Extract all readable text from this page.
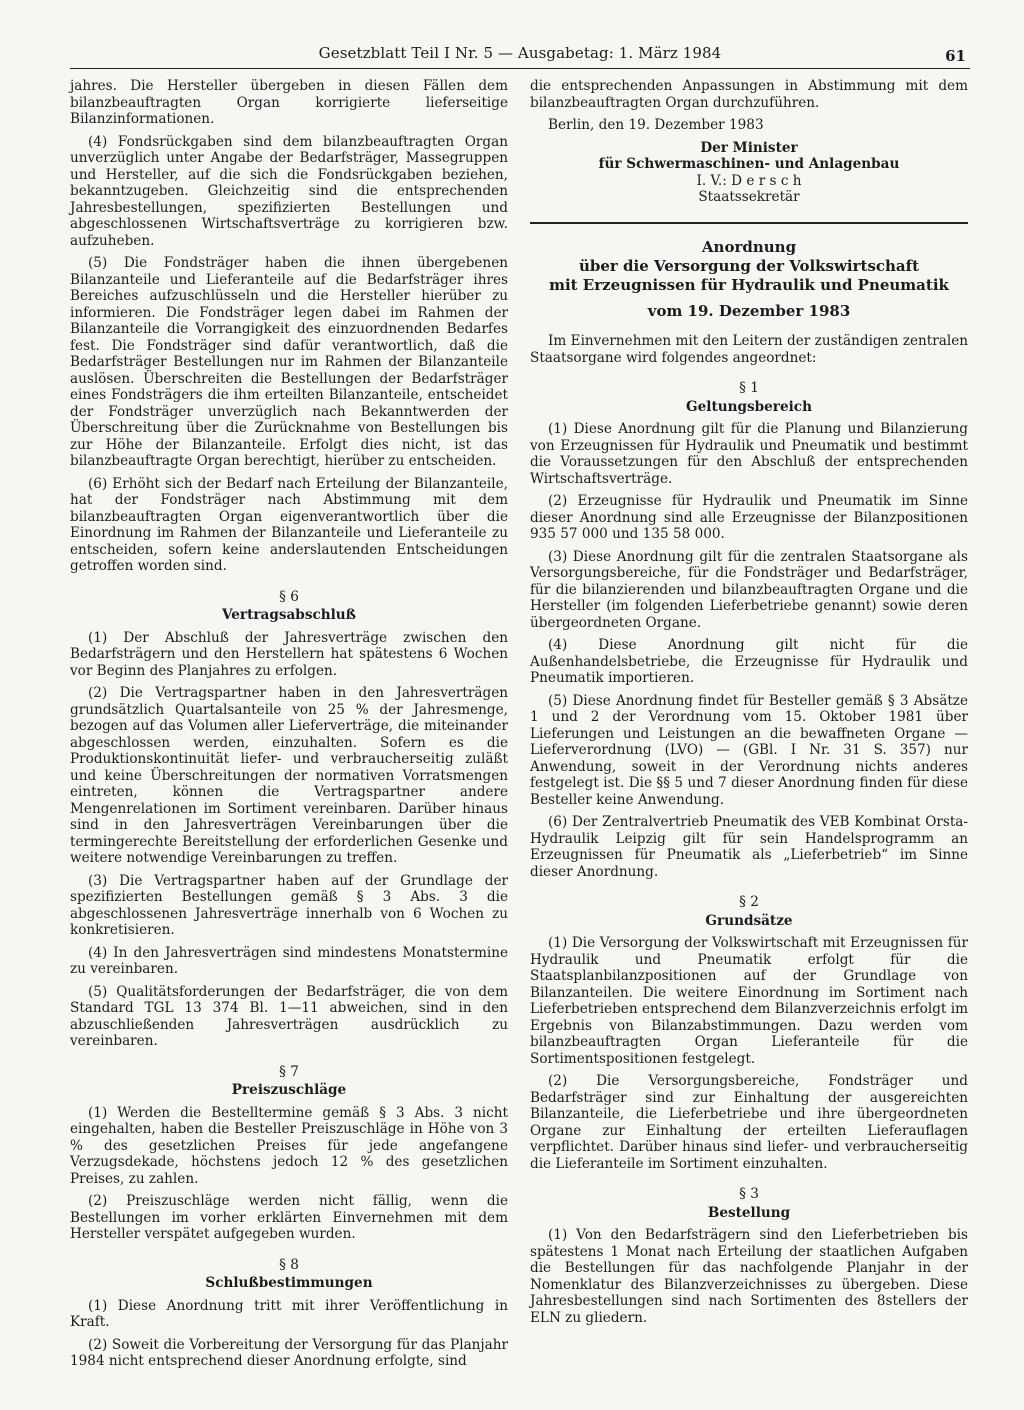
Gesetzblatt Teil I Nr. 5 — Ausgabetag: 1. März 1984	61

jahres. Die Hersteller übergeben in diesen Fällen dem bilanzbeauftragten Organ korrigierte lieferseitige Bilanzinformationen.

(4) Fondsrückgaben sind dem bilanzbeauftragten Organ unverzüglich unter Angabe der Bedarfsträger, Massegruppen und Hersteller, auf die sich die Fondsrückgaben beziehen, bekanntzugeben. Gleichzeitig sind die entsprechenden Jahresbestellungen, spezifizierten Bestellungen und abgeschlossenen Wirtschaftsverträge zu korrigieren bzw. aufzuheben.

(5) Die Fondsträger haben die ihnen übergebenen Bilanzanteile und Lieferanteile auf die Bedarfsträger ihres Bereiches aufzuschlüsseln und die Hersteller hierüber zu informieren. Die Fondsträger legen dabei im Rahmen der Bilanzanteile die Vorrangigkeit des einzuordnenden Bedarfes fest. Die Fondsträger sind dafür verantwortlich, daß die Bedarfsträger Bestellungen nur im Rahmen der Bilanzanteile auslösen. Überschreiten die Bestellungen der Bedarfsträger eines Fondsträgers die ihm erteilten Bilanzanteile, entscheidet der Fondsträger unverzüglich nach Bekanntwerden der Überschreitung über die Zurücknahme von Bestellungen bis zur Höhe der Bilanzanteile. Erfolgt dies nicht, ist das bilanzbeauftragte Organ berechtigt, hierüber zu entscheiden.

(6) Erhöht sich der Bedarf nach Erteilung der Bilanzanteile, hat der Fondsträger nach Abstimmung mit dem bilanzbeauftragten Organ eigenverantwortlich über die Einordnung im Rahmen der Bilanzanteile und Lieferanteile zu entscheiden, sofern keine anderslautenden Entscheidungen getroffen worden sind.

§ 6
Vertragsabschluß

(1) Der Abschluß der Jahresverträge zwischen den Bedarfsträgern und den Herstellern hat spätestens 6 Wochen vor Beginn des Planjahres zu erfolgen.

(2) Die Vertragspartner haben in den Jahresverträgen grundsätzlich Quartalsanteile von 25 % der Jahresmenge, bezogen auf das Volumen aller Lieferverträge, die miteinander abgeschlossen werden, einzuhalten. Sofern es die Produktionskontinuität liefer- und verbraucherseitig zuläßt und keine Überschreitungen der normativen Vorratsmengen eintreten, können die Vertragspartner andere Mengenrelationen im Sortiment vereinbaren. Darüber hinaus sind in den Jahresverträgen Vereinbarungen über die termingerechte Bereitstellung der erforderlichen Gesenke und weitere notwendige Vereinbarungen zu treffen.

(3) Die Vertragspartner haben auf der Grundlage der spezifizierten Bestellungen gemäß § 3 Abs. 3 die abgeschlossenen Jahresverträge innerhalb von 6 Wochen zu konkretisieren.

(4) In den Jahresverträgen sind mindestens Monatstermine zu vereinbaren.

(5) Qualitätsforderungen der Bedarfsträger, die von dem Standard TGL 13 374 Bl. 1—11 abweichen, sind in den abzuschließenden Jahresverträgen ausdrücklich zu vereinbaren.

§ 7
Preiszuschläge

(1) Werden die Bestelltermine gemäß § 3 Abs. 3 nicht eingehalten, haben die Besteller Preiszuschläge in Höhe von 3 % des gesetzlichen Preises für jede angefangene Verzugsdekade, höchstens jedoch 12 % des gesetzlichen Preises, zu zahlen.

(2) Preiszuschläge werden nicht fällig, wenn die Bestellungen im vorher erklärten Einvernehmen mit dem Hersteller verspätet aufgegeben wurden.

§ 8
Schlußbestimmungen

(1) Diese Anordnung tritt mit ihrer Veröffentlichung in Kraft.

(2) Soweit die Vorbereitung der Versorgung für das Planjahr 1984 nicht entsprechend dieser Anordnung erfolgte, sind

die entsprechenden Anpassungen in Abstimmung mit dem bilanzbeauftragten Organ durchzuführen.

Berlin, den 19. Dezember 1983

Der Minister

für Schwermaschinen- und Anlagenbau

I. V.: D e r s c h

Staatssekretär

Anordnung

über die Versorgung der Volkswirtschaft

mit Erzeugnissen für Hydraulik und Pneumatik

vom 19. Dezember 1983

Im Einvernehmen mit den Leitern der zuständigen zentralen Staatsorgane wird folgendes angeordnet:

§ 1
Geltungsbereich

(1) Diese Anordnung gilt für die Planung und Bilanzierung von Erzeugnissen für Hydraulik und Pneumatik und bestimmt die Voraussetzungen für den Abschluß der entsprechenden Wirtschaftsverträge.

(2) Erzeugnisse für Hydraulik und Pneumatik im Sinne dieser Anordnung sind alle Erzeugnisse der Bilanzpositionen 935 57 000 und 135 58 000.

(3) Diese Anordnung gilt für die zentralen Staatsorgane als Versorgungsbereiche, für die Fondsträger und Bedarfsträger, für die bilanzierenden und bilanzbeauftragten Organe und die Hersteller (im folgenden Lieferbetriebe genannt) sowie deren übergeordneten Organe.

(4) Diese Anordnung gilt nicht für die Außenhandelsbetriebe, die Erzeugnisse für Hydraulik und Pneumatik importieren.

(5) Diese Anordnung findet für Besteller gemäß § 3 Absätze 1 und 2 der Verordnung vom 15. Oktober 1981 über Lieferungen und Leistungen an die bewaffneten Organe — Lieferverordnung (LVO) — (GBl. I Nr. 31 S. 357) nur Anwendung, soweit in der Verordnung nichts anderes festgelegt ist. Die §§ 5 und 7 dieser Anordnung finden für diese Besteller keine Anwendung.

(6) Der Zentralvertrieb Pneumatik des VEB Kombinat Orsta-Hydraulik Leipzig gilt für sein Handelsprogramm an Erzeugnissen für Pneumatik als „Lieferbetrieb“ im Sinne dieser Anordnung.

§ 2
Grundsätze

(1) Die Versorgung der Volkswirtschaft mit Erzeugnissen für Hydraulik und Pneumatik erfolgt für die Staatsplanbilanzpositionen auf der Grundlage von Bilanzanteilen. Die weitere Einordnung im Sortiment nach Lieferbetrieben entsprechend dem Bilanzverzeichnis erfolgt im Ergebnis von Bilanzabstimmungen. Dazu werden vom bilanzbeauftragten Organ Lieferanteile für die Sortimentspositionen festgelegt.

(2) Die Versorgungsbereiche, Fondsträger und Bedarfsträger sind zur Einhaltung der ausgereichten Bilanzanteile, die Lieferbetriebe und ihre übergeordneten Organe zur Einhaltung der erteilten Lieferauflagen verpflichtet. Darüber hinaus sind liefer- und verbraucherseitig die Lieferanteile im Sortiment einzuhalten.

§ 3
Bestellung

(1) Von den Bedarfsträgern sind den Lieferbetrieben bis spätestens 1 Monat nach Erteilung der staatlichen Aufgaben die Bestellungen für das nachfolgende Planjahr in der Nomenklatur des Bilanzverzeichnisses zu übergeben. Diese Jahresbestellungen sind nach Sortimenten des 8stellers der ELN zu gliedern.
